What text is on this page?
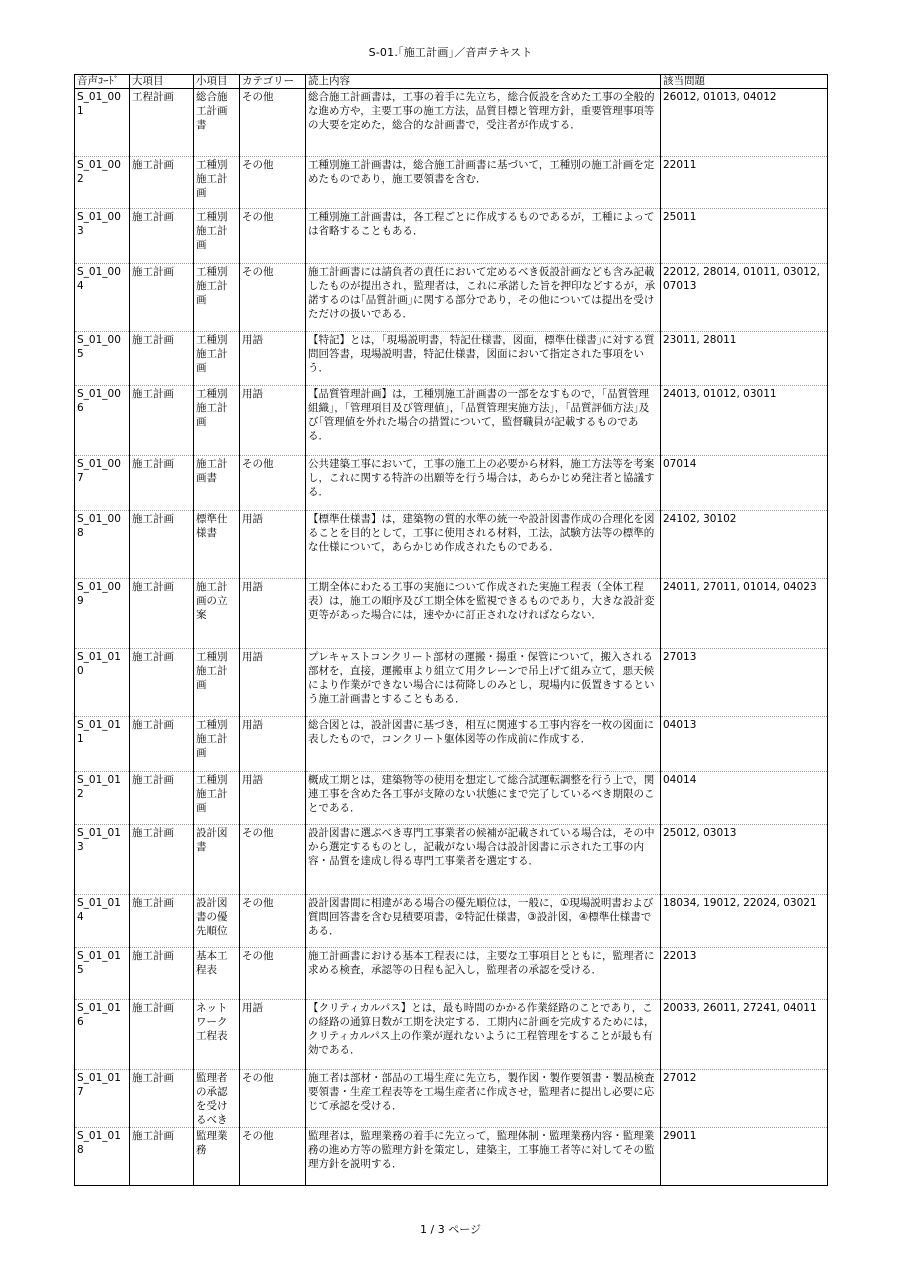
S-01.｢施工計画｣／音声テキスト
音声ｺｰﾄﾞ	大項目	小項目	カテゴリー	読上内容	該当問題
S_01_001	工程計画	総合施工計画書	その他	総合施工計画書は，工事の着手に先立ち，総合仮設を含めた工事の全般的な進め方や，主要工事の施工方法，品質目標と管理方針，重要管理事項等の大要を定めた，総合的な計画書で，受注者が作成する．	26012, 01013, 04012
S_01_002	施工計画	工種別施工計画	その他	工種別施工計画書は，総合施工計画書に基づいて，工種別の施工計画を定めたものであり，施工要領書を含む．	22011
S_01_003	施工計画	工種別施工計画	その他	工種別施工計画書は，各工程ごとに作成するものであるが，工種によっては省略することもある．	25011
S_01_004	施工計画	工種別施工計画	その他	施工計画書には請負者の責任において定めるべき仮設計画なども含み記載したものが提出され，監理者は，これに承諾した旨を押印などするが，承諾するのは｢品質計画｣に関する部分であり，その他については提出を受けただけの扱いである．	22012, 28014, 01011, 03012, 07013
S_01_005	施工計画	工種別施工計画	用語	【特記】とは，｢現場説明書，特記仕様書，図面，標準仕様書｣に対する質問回答書，現場説明書，特記仕様書，図面において指定された事項をいう．	23011, 28011
S_01_006	施工計画	工種別施工計画	用語	【品質管理計画】は，工種別施工計画書の一部をなすもので，｢品質管理組織｣，｢管理項目及び管理値｣，｢品質管理実施方法｣，｢品質評価方法｣及び｢管理値を外れた場合の措置について，監督職員が記載するものである．	24013, 01012, 03011
S_01_007	施工計画	施工計画書	その他	公共建築工事において，工事の施工上の必要から材料，施工方法等を考案し，これに関する特許の出願等を行う場合は，あらかじめ発注者と協議する．	07014
S_01_008	施工計画	標準仕様書	用語	【標準仕様書】は，建築物の質的水準の統一や設計図書作成の合理化を図ることを目的として，工事に使用される材料，工法，試験方法等の標準的な仕様について，あらかじめ作成されたものである．	24102, 30102
S_01_009	施工計画	施工計画の立案	用語	工期全体にわたる工事の実施について作成された実施工程表（全体工程表）は，施工の順序及び工期全体を監視できるものであり，大きな設計変更等があった場合には，速やかに訂正されなければならない．	24011, 27011, 01014, 04023
S_01_010	施工計画	工種別施工計画	用語	プレキャストコンクリート部材の運搬・揚重・保管について，搬入される部材を，直接，運搬車より組立て用クレーンで吊上げて組み立て，悪天候により作業ができない場合には荷降しのみとし，現場内に仮置きするという施工計画書とすることもある．	27013
S_01_011	施工計画	工種別施工計画	用語	総合図とは，設計図書に基づき，相互に関連する工事内容を一枚の図面に表したもので，コンクリート躯体図等の作成前に作成する．	04013
S_01_012	施工計画	工種別施工計画	用語	概成工期とは，建築物等の使用を想定して総合試運転調整を行う上で，関連工事を含めた各工事が支障のない状態にまで完了しているべき期限のことである．	04014
S_01_013	施工計画	設計図書	その他	設計図書に選ぶべき専門工事業者の候補が記載されている場合は，その中から選定するものとし，記載がない場合は設計図書に示された工事の内容・品質を達成し得る専門工事業者を選定する．	25012, 03013
S_01_014	施工計画	設計図書の優先順位	その他	設計図書間に相違がある場合の優先順位は，一般に，①現場説明書および質問回答書を含む見積要項書，②特記仕様書，③設計図，④標準仕様書である．	18034, 19012, 22024, 03021
S_01_015	施工計画	基本工程表	その他	施工計画書における基本工程表には，主要な工事項目とともに，監理者に求める検査，承認等の日程も記入し，監理者の承認を受ける．	22013
S_01_016	施工計画	ネットワーク工程表	用語	【クリティカルパス】とは，最も時間のかかる作業経路のことであり，この経路の通算日数が工期を決定する．工期内に計画を完成するためには，クリティカルパス上の作業が遅れないように工程管理をすることが最も有効である．	20033, 26011, 27241, 04011
S_01_017	施工計画	監理者の承認を受けるべき	その他	施工者は部材・部品の工場生産に先立ち，製作図・製作要領書・製品検査要領書・生産工程表等を工場生産者に作成させ，監理者に提出し必要に応じて承認を受ける．	27012
S_01_018	施工計画	監理業務	その他	監理者は，監理業務の着手に先立って，監理体制・監理業務内容・監理業務の進め方等の監理方針を策定し，建築主，工事施工者等に対してその監理方針を説明する．	29011
1 / 3 ページ
